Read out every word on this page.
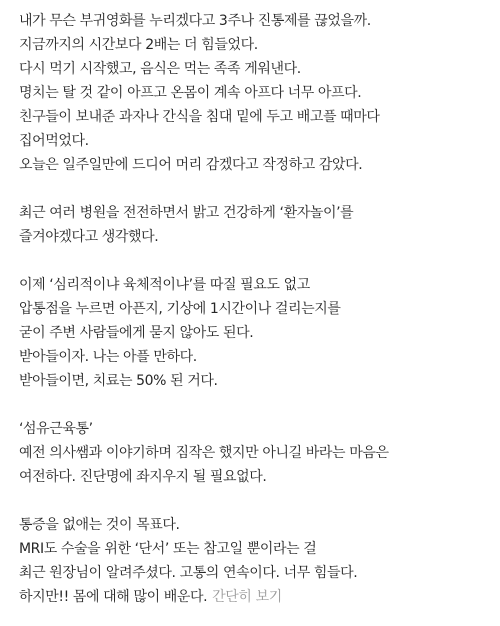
내가 무슨 부귀영화를 누리겠다고 3주나 진통제를 끊었을까.
지금까지의 시간보다 2배는 더 힘들었다.
다시 먹기 시작했고, 음식은 먹는 족족 게워낸다.
명치는 탈 것 같이 아프고 온몸이 계속 아프다 너무 아프다.
친구들이 보내준 과자나 간식을 침대 밑에 두고 배고플 때마다
집어먹었다.
오늘은 일주일만에 드디어 머리 감겠다고 작정하고 감았다.
최근 여러 병원을 전전하면서 밝고 건강하게 ‘환자놀이’를
즐겨야겠다고 생각했다.
이제 ‘심리적이냐 육체적이냐’를 따질 필요도 없고
압통점을 누르면 아픈지, 기상에 1시간이나 걸리는지를
굳이 주변 사람들에게 묻지 않아도 된다.
받아들이자. 나는 아플 만하다.
받아들이면, 치료는 50% 된 거다.
‘섬유근육통’
예전 의사쌤과 이야기하며 짐작은 했지만 아니길 바라는 마음은
여전하다. 진단명에 좌지우지 될 필요없다.
통증을 없애는 것이 목표다.
MRI도 수술을 위한 ‘단서’ 또는 참고일 뿐이라는 걸
최근 원장님이 알려주셨다. 고통의 연속이다. 너무 힘들다.
하지만!! 몸에 대해 많이 배운다. 간단히 보기
